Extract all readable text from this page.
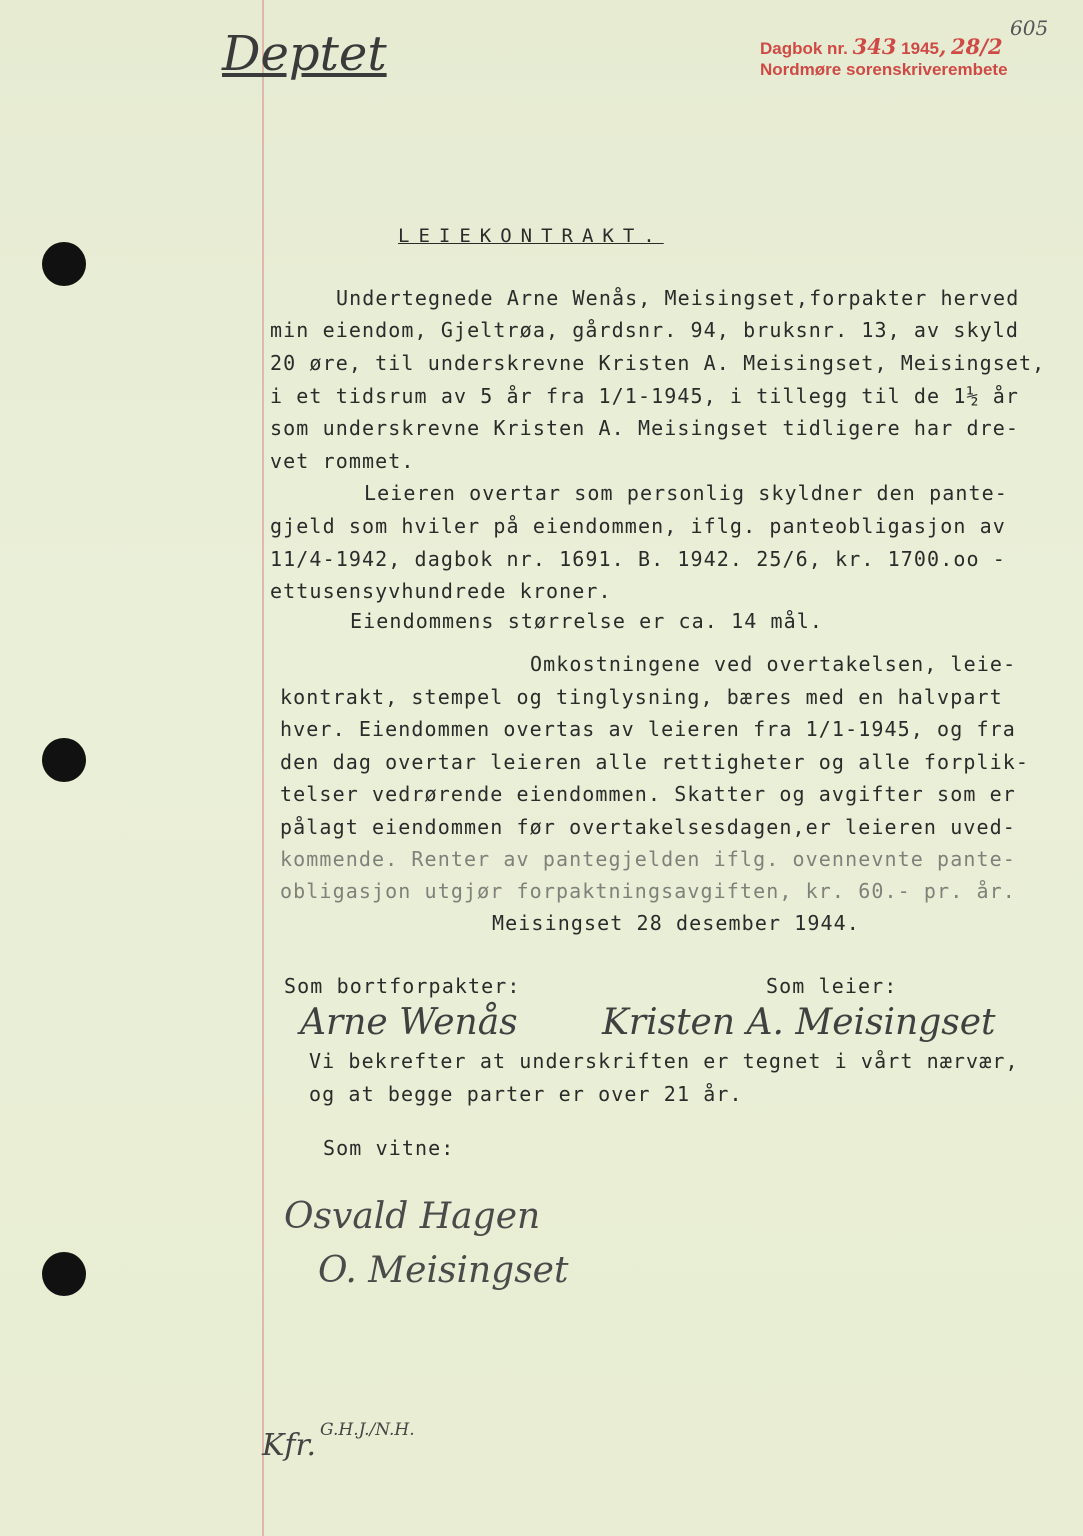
Deptet	Dagbok nr. 343 1945, 28/2
605
Nordmøre sorenskriverembete
LEIEKONTRAKT.
Undertegnede Arne Wenås, Meisingset,forpakter herved
min eiendom, Gjeltrøa, gårdsnr. 94, bruksnr. 13, av skyld
20 øre, til underskrevne Kristen A. Meisingset, Meisingset,
i et tidsrum av 5 år fra 1/1-1945, i tillegg til de 1½ år
som underskrevne Kristen A. Meisingset tidligere har dre-
vet rommet.
Leieren overtar som personlig skyldner den pante-
gjeld som hviler på eiendommen, iflg. panteobligasjon av
11/4-1942, dagbok nr. 1691. B. 1942. 25/6, kr. 1700.oo -
ettusensyvhundrede kroner.
Eiendommens størrelse er ca. 14 mål.
Omkostningene ved overtakelsen, leie-
kontrakt, stempel og tinglysning, bæres med en halvpart
hver. Eiendommen overtas av leieren fra 1/1-1945, og fra
den dag overtar leieren alle rettigheter og alle forplik-
telser vedrørende eiendommen. Skatter og avgifter som er
pålagt eiendommen før overtakelsesdagen,er leieren uved-
kommende. Renter av pantegjelden iflg. ovennevnte pante-
obligasjon utgjør forpaktningsavgiften, kr. 60.- pr. år.
Meisingset 28 desember 1944.
Som bortforpakter:	Som leier:
Arne Wenås Kristen A. Meisingset
Vi bekrefter at underskriften er tegnet i vårt nærvær,
og at begge parter er over 21 år.
Som vitne:
Osvald Hagen
O. Meisingset
Kfr. G.H.J./N.H.
